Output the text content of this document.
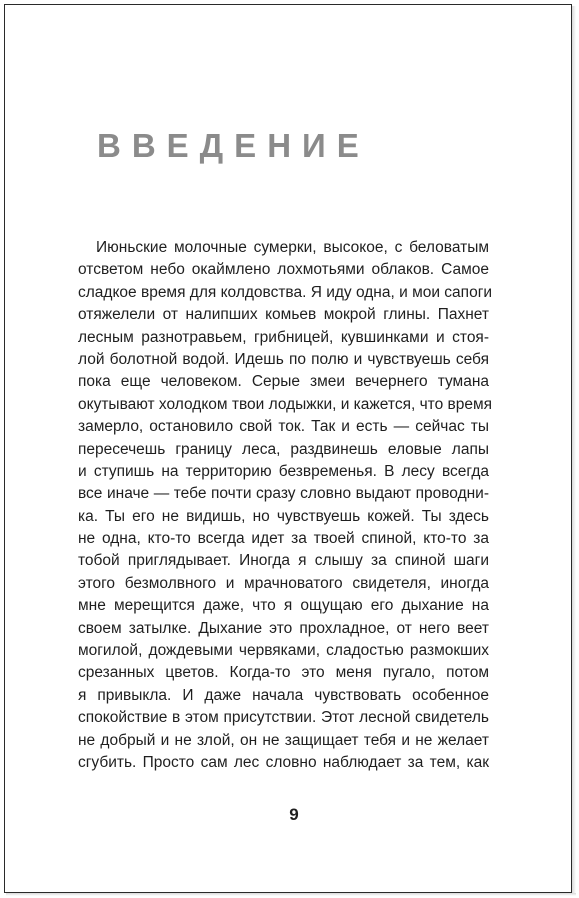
ВВЕДЕНИЕ
Июньские молочные сумерки, высокое, с беловатым
отсветом небо окаймлено лохмотьями облаков. Самое
сладкое время для колдовства. Я иду одна, и мои сапоги
отяжелели от налипших комьев мокрой глины. Пахнет
лесным разнотравьем, грибницей, кувшинками и стоя-
лой болотной водой. Идешь по полю и чувствуешь себя
пока еще человеком. Серые змеи вечернего тумана
окутывают холодком твои лодыжки, и кажется, что время
замерло, остановило свой ток. Так и есть — сейчас ты
пересечешь границу леса, раздвинешь еловые лапы
и ступишь на территорию безвременья. В лесу всегда
все иначе — тебе почти сразу словно выдают проводни-
ка. Ты его не видишь, но чувствуешь кожей. Ты здесь
не одна, кто-то всегда идет за твоей спиной, кто-то за
тобой приглядывает. Иногда я слышу за спиной шаги
этого безмолвного и мрачноватого свидетеля, иногда
мне мерещится даже, что я ощущаю его дыхание на
своем затылке. Дыхание это прохладное, от него веет
могилой, дождевыми червяками, сладостью размокших
срезанных цветов. Когда-то это меня пугало, потом
я привыкла. И даже начала чувствовать особенное
спокойствие в этом присутствии. Этот лесной свидетель
не добрый и не злой, он не защищает тебя и не желает
сгубить. Просто сам лес словно наблюдает за тем, как
9
